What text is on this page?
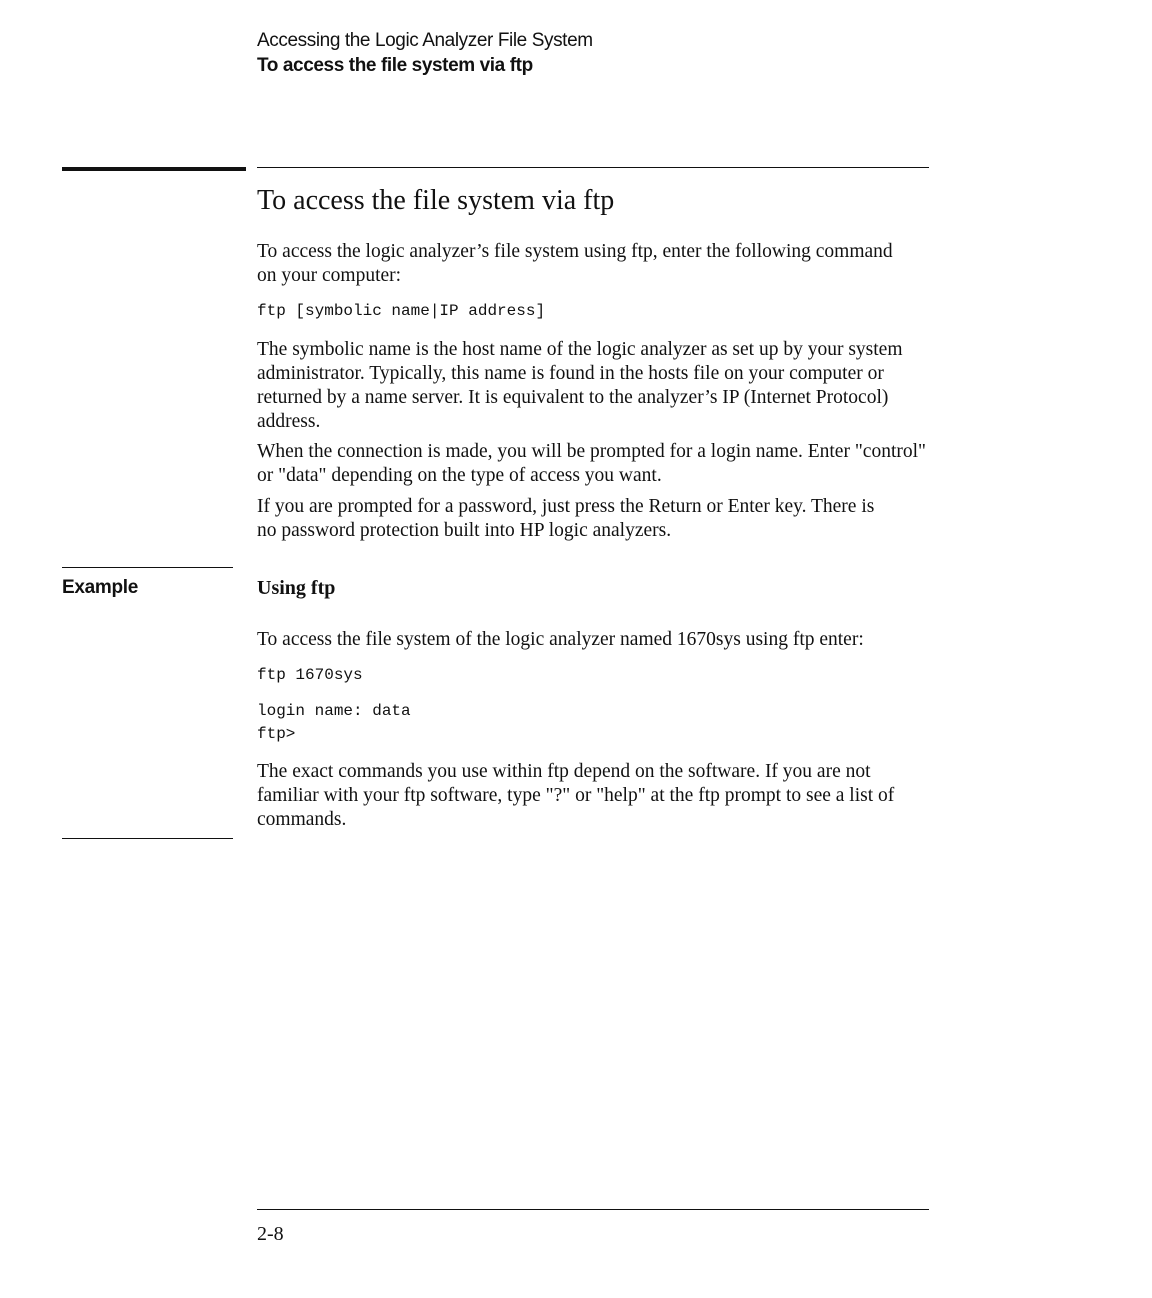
Accessing the Logic Analyzer File System
To access the file system via ftp
To access the file system via ftp

To access the logic analyzer’s file system using ftp, enter the following command on your computer:

ftp [symbolic name|IP address]

The symbolic name is the host name of the logic analyzer as set up by your system administrator. Typically, this name is found in the hosts file on your computer or returned by a name server. It is equivalent to the analyzer’s IP (Internet Protocol) address.

When the connection is made, you will be prompted for a login name. Enter "control" or "data" depending on the type of access you want.

If you are prompted for a password, just press the Return or Enter key. There is no password protection built into HP logic analyzers.

Example	Using ftp

To access the file system of the logic analyzer named 1670sys using ftp enter:

ftp 1670sys
login name: data
ftp>

The exact commands you use within ftp depend on the software. If you are not familiar with your ftp software, type "?" or "help" at the ftp prompt to see a list of commands.

2-8
